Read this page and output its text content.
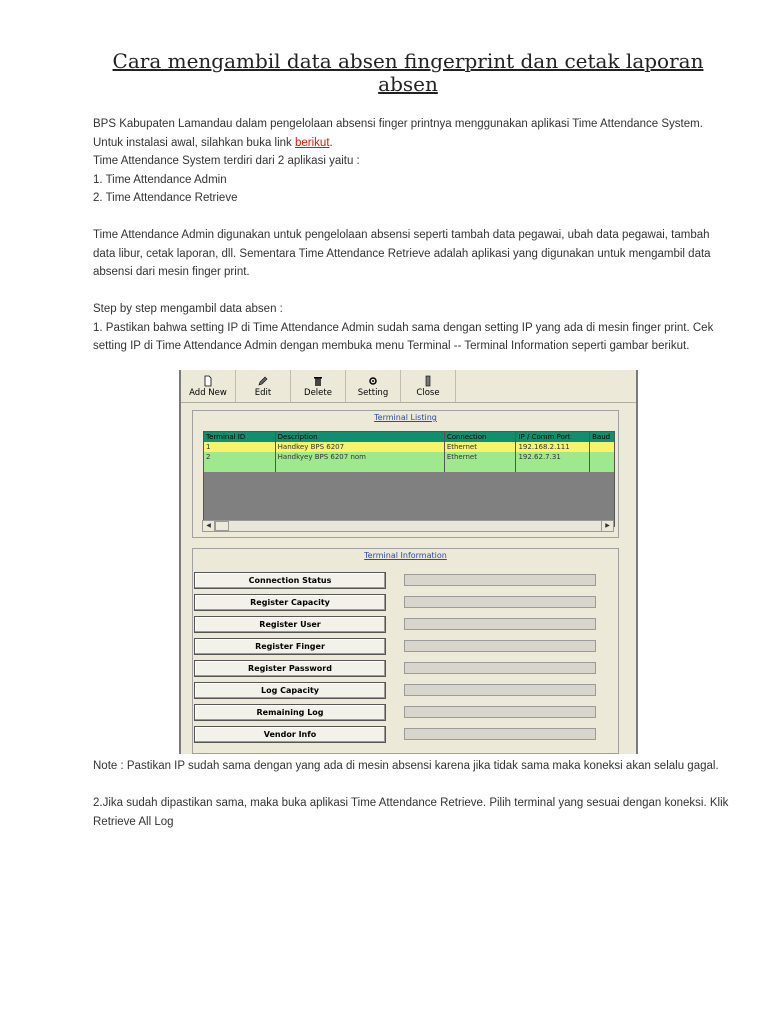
Cara mengambil data absen fingerprint dan cetak laporan absen

BPS Kabupaten Lamandau dalam pengelolaan absensi finger printnya menggunakan aplikasi Time Attendance System. Untuk instalasi awal, silahkan buka link berikut.

Time Attendance System terdiri dari 2 aplikasi yaitu :

1. Time Attendance Admin

2. Time Attendance Retrieve

Time Attendance Admin digunakan untuk pengelolaan absensi seperti tambah data pegawai, ubah data pegawai, tambah data libur, cetak laporan, dll. Sementara Time Attendance Retrieve adalah aplikasi yang digunakan untuk mengambil data absensi dari mesin finger print.

Step by step mengambil data absen :

1. Pastikan bahwa setting IP di Time Attendance Admin sudah sama dengan setting IP yang ada di mesin finger print. Cek setting IP di Time Attendance Admin dengan membuka menu Terminal -- Terminal Information seperti gambar berikut.

Add New	Edit	Delete	Setting	Close
Terminal Listing
Terminal ID	Description	Connection	IP / Comm Port	Baud
1	Handkey BPS 6207	Ethernet	192.168.2.111
2	Handkyey BPS 6207 nom	Ethernet	192.62.7.31
◀	▶
Terminal Information
Connection Status
Register Capacity
Register User
Register Finger
Register Password
Log Capacity
Remaining Log
Vendor Info

Note : Pastikan IP sudah sama dengan yang ada di mesin absensi karena jika tidak sama maka koneksi akan selalu gagal.

2.Jika sudah dipastikan sama, maka buka aplikasi Time Attendance Retrieve. Pilih terminal yang sesuai dengan koneksi. Klik Retrieve All Log
